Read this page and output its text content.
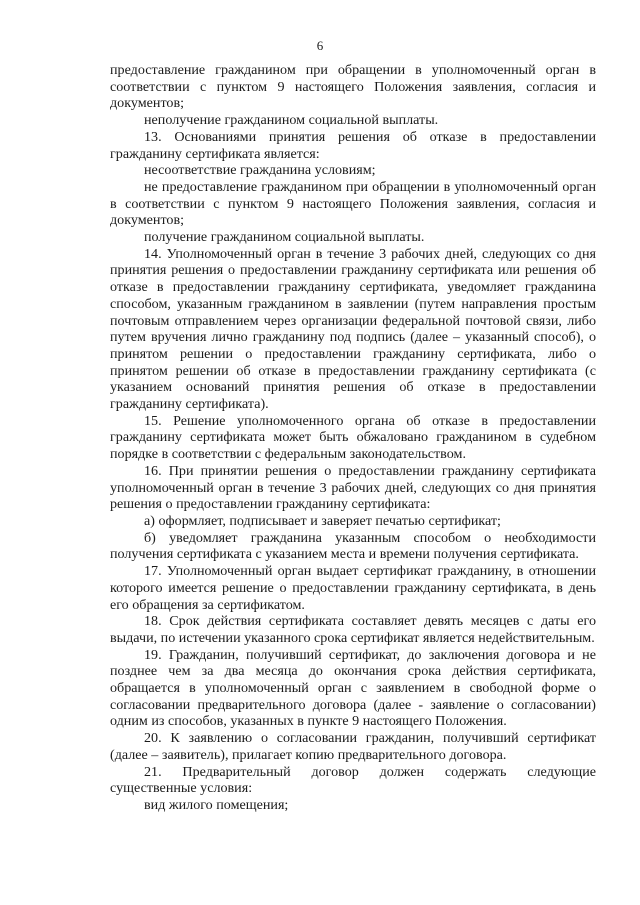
6

предоставление гражданином при обращении в уполномоченный орган в соответствии с пунктом 9 настоящего Положения заявления, согласия и документов;

неполучение гражданином социальной выплаты.

13. Основаниями принятия решения об отказе в предоставлении гражданину сертификата является:

несоответствие гражданина условиям;

не предоставление гражданином при обращении в уполномоченный орган в соответствии с пунктом 9 настоящего Положения заявления, согласия и документов;

получение гражданином социальной выплаты.

14. Уполномоченный орган в течение 3 рабочих дней, следующих со дня принятия решения о предоставлении гражданину сертификата или решения об отказе в предоставлении гражданину сертификата, уведомляет гражданина способом, указанным гражданином в заявлении (путем направления простым почтовым отправлением через организации федеральной почтовой связи, либо путем вручения лично гражданину под подпись (далее – указанный способ), о принятом решении о предоставлении гражданину сертификата, либо о принятом решении об отказе в предоставлении гражданину сертификата (с указанием оснований принятия решения об отказе в предоставлении гражданину сертификата).

15. Решение уполномоченного органа об отказе в предоставлении гражданину сертификата может быть обжаловано гражданином в судебном порядке в соответствии с федеральным законодательством.

16. При принятии решения о предоставлении гражданину сертификата уполномоченный орган в течение 3 рабочих дней, следующих со дня принятия решения о предоставлении гражданину сертификата:

а) оформляет, подписывает и заверяет печатью сертификат;

б) уведомляет гражданина указанным способом о необходимости получения сертификата с указанием места и времени получения сертификата.

17. Уполномоченный орган выдает сертификат гражданину, в отношении которого имеется решение о предоставлении гражданину сертификата, в день его обращения за сертификатом.

18. Срок действия сертификата составляет девять месяцев с даты его выдачи, по истечении указанного срока сертификат является недействительным.

19. Гражданин, получивший сертификат, до заключения договора и не позднее чем за два месяца до окончания срока действия сертификата, обращается в уполномоченный орган с заявлением в свободной форме о согласовании предварительного договора (далее - заявление о согласовании) одним из способов, указанных в пункте 9 настоящего Положения.

20. К заявлению о согласовании гражданин, получивший сертификат (далее – заявитель), прилагает копию предварительного договора.

21. Предварительный договор должен содержать следующие существенные условия:

вид жилого помещения;
